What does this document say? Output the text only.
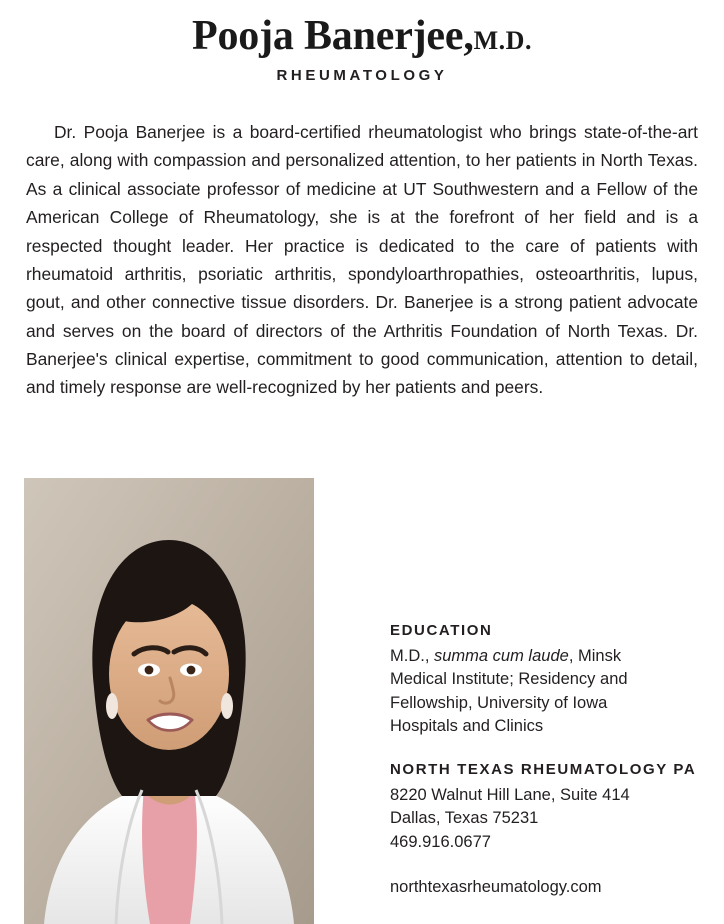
Pooja Banerjee,M.D.
RHEUMATOLOGY

Dr. Pooja Banerjee is a board-certified rheumatologist who brings state-of-the-art care, along with compassion and personalized attention, to her patients in North Texas. As a clinical associate professor of medicine at UT Southwestern and a Fellow of the American College of Rheumatology, she is at the forefront of her field and is a respected thought leader. Her practice is dedicated to the care of patients with rheumatoid arthritis, psoriatic arthritis, spondyloarthropathies, osteoarthritis, lupus, gout, and other connective tissue disorders. Dr. Banerjee is a strong patient advocate and serves on the board of directors of the Arthritis Foundation of North Texas. Dr. Banerjee's clinical expertise, commitment to good communication, attention to detail, and timely response are well-recognized by her patients and peers.

EDUCATION
M.D., summa cum laude, Minsk
Medical Institute; Residency and
Fellowship, University of Iowa
Hospitals and Clinics
NORTH TEXAS RHEUMATOLOGY PA
8220 Walnut Hill Lane, Suite 414
Dallas, Texas 75231
469.916.0677
northtexasrheumatology.com
